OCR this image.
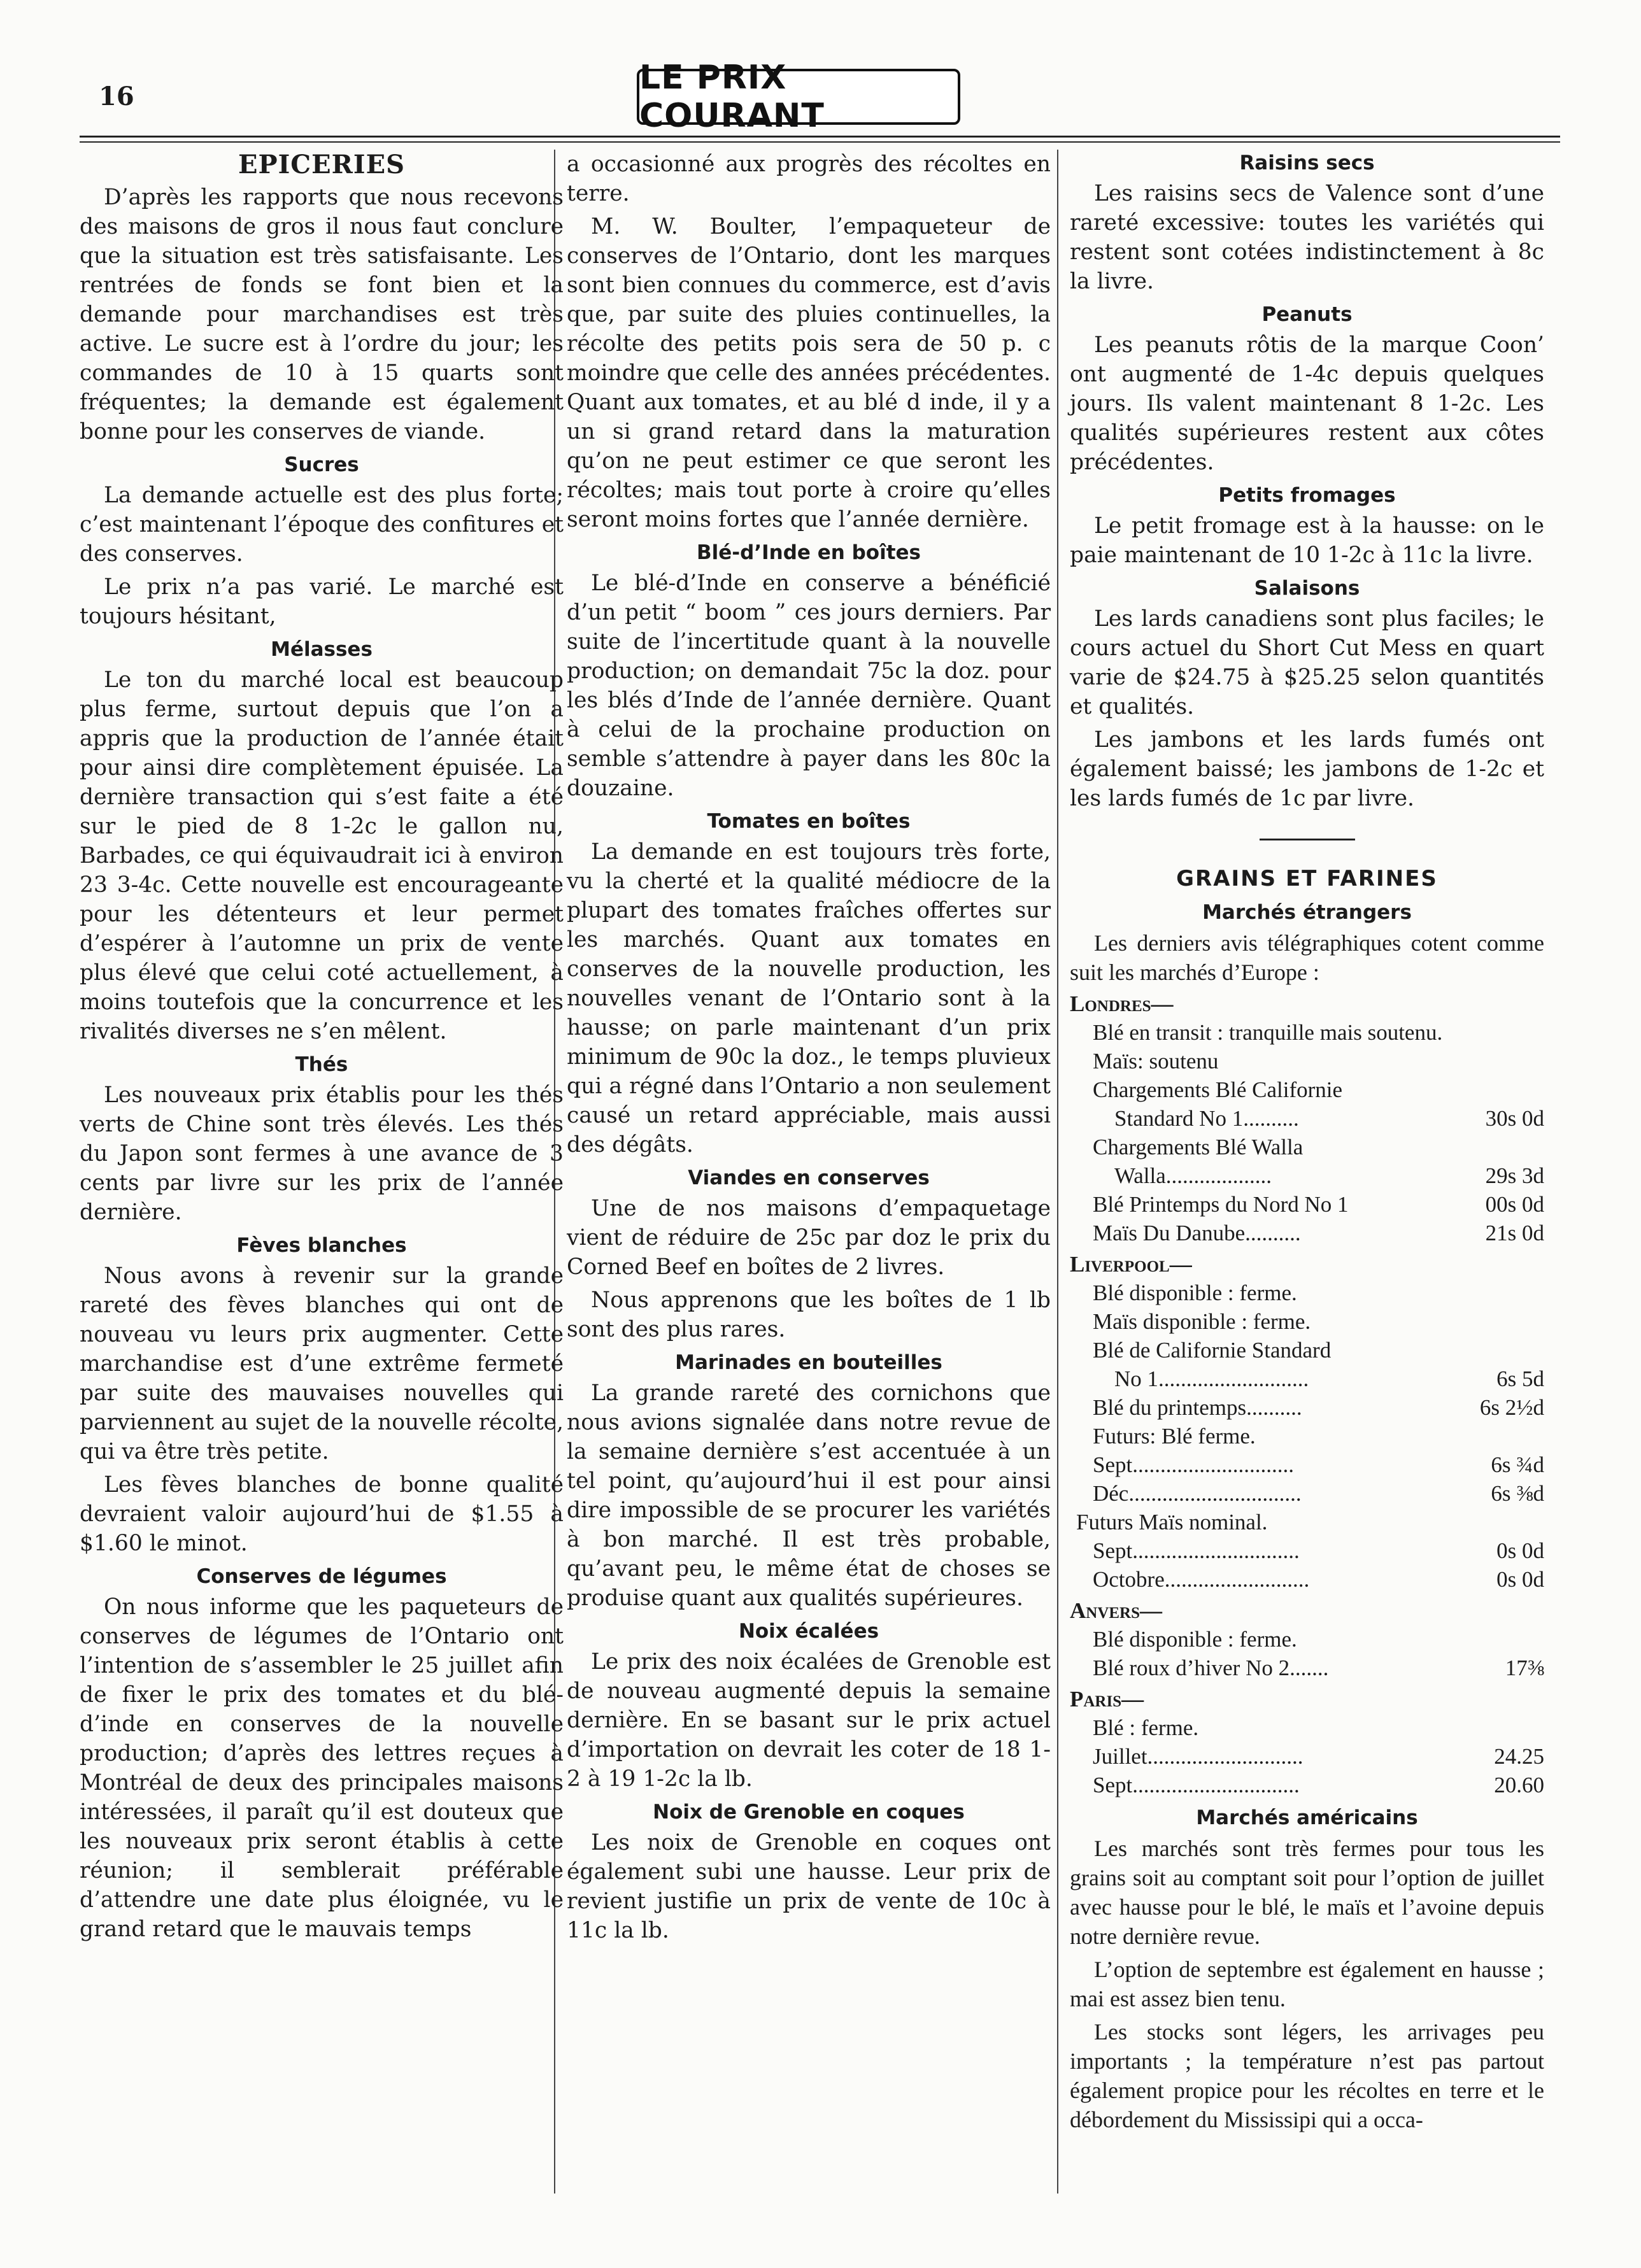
16	LE PRIX COURANT
EPICERIES

D’après les rapports que nous recevons des maisons de gros il nous faut conclure que la situation est très satisfaisante. Les rentrées de fonds se font bien et la demande pour marchandises est très active. Le sucre est à l’ordre du jour; les commandes de 10 à 15 quarts sont fréquentes; la demande est également bonne pour les conserves de viande.

Sucres

La demande actuelle est des plus forte; c’est maintenant l’époque des confitures et des conserves.

Le prix n’a pas varié. Le marché est toujours hésitant,

Mélasses

Le ton du marché local est beaucoup plus ferme, surtout depuis que l’on a appris que la production de l’année était pour ainsi dire complètement épuisée. La dernière transaction qui s’est faite a été sur le pied de 8 1-2c le gallon nu, Barbades, ce qui équivaudrait ici à environ 23 3-4c. Cette nouvelle est encourageante pour les détenteurs et leur permet d’espérer à l’automne un prix de vente plus élevé que celui coté actuellement, à moins toutefois que la concurrence et les rivalités diverses ne s’en mêlent.

Thés

Les nouveaux prix établis pour les thés verts de Chine sont très élevés. Les thés du Japon sont fermes à une avance de 3 cents par livre sur les prix de l’année dernière.

Fèves blanches

Nous avons à revenir sur la grande rareté des fèves blanches qui ont de nouveau vu leurs prix augmenter. Cette marchandise est d’une extrême fermeté par suite des mauvaises nouvelles qui parviennent au sujet de la nouvelle récolte, qui va être très petite.

Les fèves blanches de bonne qualité devraient valoir aujourd’hui de $1.55 à $1.60 le minot.

Conserves de légumes

On nous informe que les paqueteurs de conserves de légumes de l’Ontario ont l’intention de s’assembler le 25 juillet afin de fixer le prix des tomates et du blé-d’inde en conserves de la nouvelle production; d’après des lettres reçues à Montréal de deux des principales maisons intéressées, il paraît qu’il est douteux que les nouveaux prix seront établis à cette réunion; il semblerait préférable d’attendre une date plus éloignée, vu le grand retard que le mauvais temps

a occasionné aux progrès des récoltes en terre.

M. W. Boulter, l’empaqueteur de conserves de l’Ontario, dont les marques sont bien connues du commerce, est d’avis que, par suite des pluies continuelles, la récolte des petits pois sera de 50 p. c moindre que celle des années précédentes. Quant aux tomates, et au blé d inde, il y a un si grand retard dans la maturation qu’on ne peut estimer ce que seront les récoltes; mais tout porte à croire qu’elles seront moins fortes que l’année dernière.

Blé-d’Inde en boîtes

Le blé-d’Inde en conserve a bénéficié d’un petit “ boom ” ces jours derniers. Par suite de l’incertitude quant à la nouvelle production; on demandait 75c la doz. pour les blés d’Inde de l’année dernière. Quant à celui de la prochaine production on semble s’attendre à payer dans les 80c la douzaine.

Tomates en boîtes

La demande en est toujours très forte, vu la cherté et la qualité médiocre de la plupart des tomates fraîches offertes sur les marchés. Quant aux tomates en conserves de la nouvelle production, les nouvelles venant de l’Ontario sont à la hausse; on parle maintenant d’un prix minimum de 90c la doz., le temps pluvieux qui a régné dans l’Ontario a non seulement causé un retard appréciable, mais aussi des dégâts.

Viandes en conserves

Une de nos maisons d’empaquetage vient de réduire de 25c par doz le prix du Corned Beef en boîtes de 2 livres.

Nous apprenons que les boîtes de 1 lb sont des plus rares.

Marinades en bouteilles

La grande rareté des cornichons que nous avions signalée dans notre revue de la semaine dernière s’est accentuée à un tel point, qu’aujourd’hui il est pour ainsi dire impossible de se procurer les variétés à bon marché. Il est très probable, qu’avant peu, le même état de choses se produise quant aux qualités supérieures.

Noix écalées

Le prix des noix écalées de Grenoble est de nouveau augmenté depuis la semaine dernière. En se basant sur le prix actuel d’importation on devrait les coter de 18 1-2 à 19 1-2c la lb.

Noix de Grenoble en coques

Les noix de Grenoble en coques ont également subi une hausse. Leur prix de revient justifie un prix de vente de 10c à 11c la lb.

Raisins secs

Les raisins secs de Valence sont d’une rareté excessive: toutes les variétés qui restent sont cotées indistinctement à 8c la livre.

Peanuts

Les peanuts rôtis de la marque Coon’ ont augmenté de 1-4c depuis quelques jours. Ils valent maintenant 8 1-2c. Les qualités supérieures restent aux côtes précédentes.

Petits fromages

Le petit fromage est à la hausse: on le paie maintenant de 10 1-2c à 11c la livre.

Salaisons

Les lards canadiens sont plus faciles; le cours actuel du Short Cut Mess en quart varie de $24.75 à $25.25 selon quantités et qualités.

Les jambons et les lards fumés ont également baissé; les jambons de 1-2c et les lards fumés de 1c par livre.

GRAINS ET FARINES
Marchés étrangers

Les derniers avis télégraphiques cotent comme suit les marchés d’Europe :

Londres—
Blé en transit : tranquille mais soutenu.
Maïs: soutenu
Chargements Blé Californie
Standard No 1..........	30s 0d
Chargements Blé Walla
Walla...................	29s 3d
Blé Printemps du Nord No 1	00s 0d
Maïs Du Danube..........	21s 0d
Liverpool—
Blé disponible : ferme.
Maïs disponible : ferme.
Blé de Californie Standard
No 1...........................	6s 5d
Blé du printemps..........	6s 2½d
Futurs: Blé ferme.
Sept.............................	6s ¾d
Déc...............................	6s ⅜d
Futurs Maïs nominal.
Sept..............................	0s 0d
Octobre..........................	0s 0d
Anvers—
Blé disponible : ferme.
Blé roux d’hiver No 2.......	17⅜
Paris—
Blé : ferme.
Juillet............................	24.25
Sept..............................	20.60
Marchés américains

Les marchés sont très fermes pour tous les grains soit au comptant soit pour l’option de juillet avec hausse pour le blé, le maïs et l’avoine depuis notre dernière revue.

L’option de septembre est également en hausse ; mai est assez bien tenu.

Les stocks sont légers, les arrivages peu importants ; la température n’est pas partout également propice pour les récoltes en terre et le débordement du Mississipi qui a occa-
